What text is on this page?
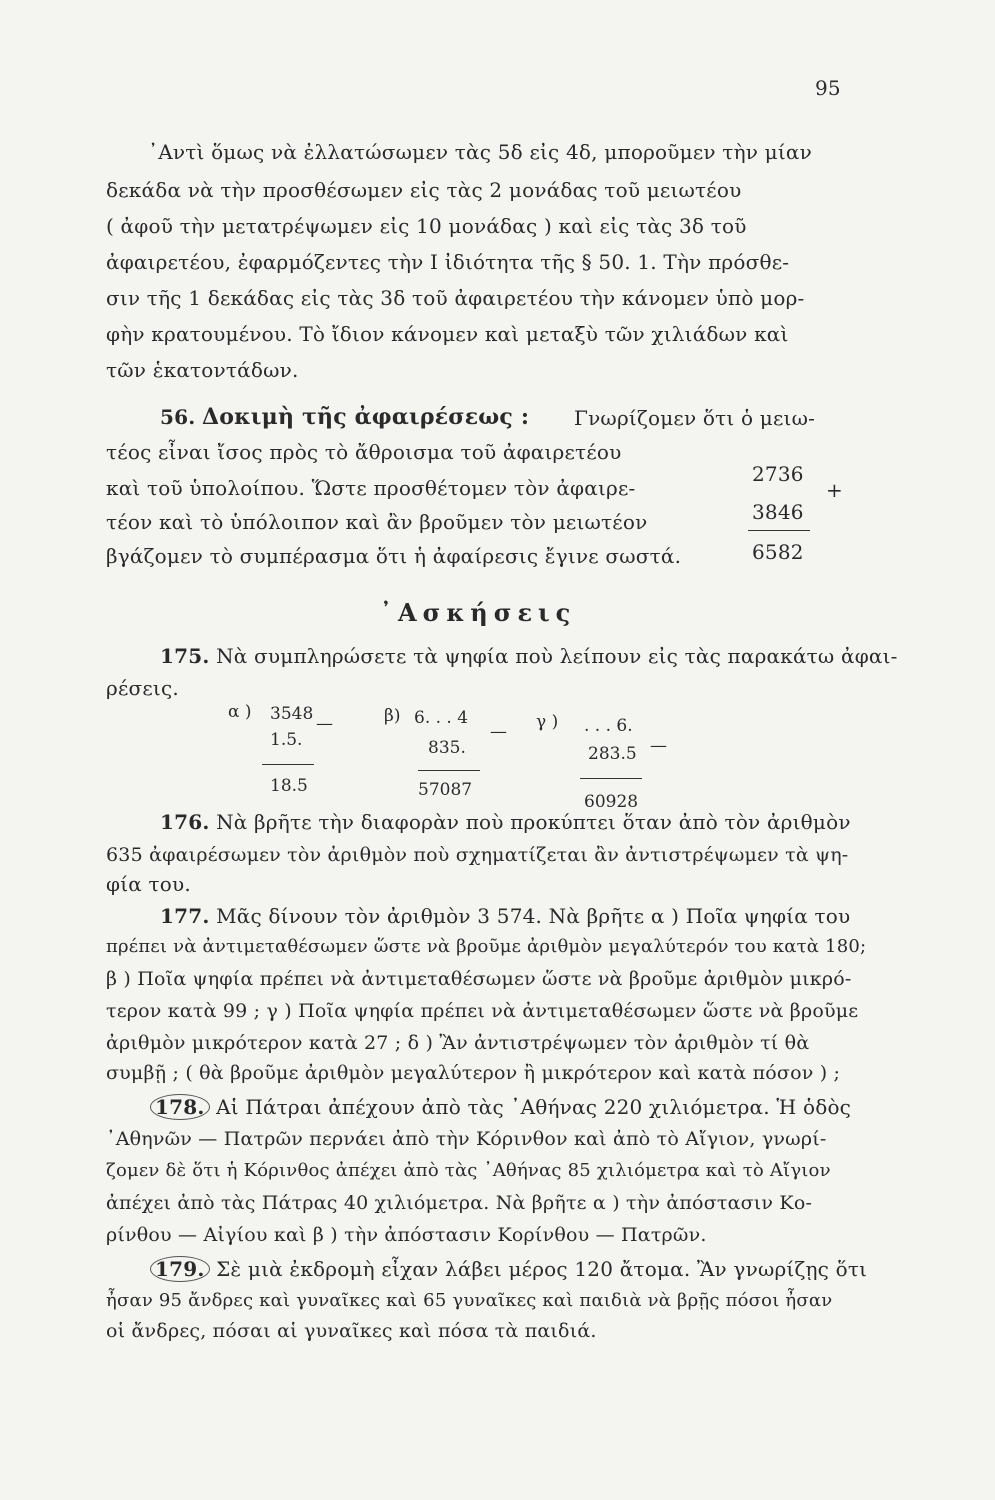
95
᾿Αντὶ ὅμως νὰ ἐλλατώσωμεν τὰς 5δ εἰς 4δ, μποροῦμεν τὴν μίαν
δεκάδα νὰ τὴν προσθέσωμεν εἰς τὰς 2 μονάδας τοῦ μειωτέου
( ἀφοῦ τὴν μετατρέψωμεν εἰς 10 μονάδας ) καὶ εἰς τὰς 3δ τοῦ
ἀφαιρετέου, ἐφαρμόζεντες τὴν Ι ἰδιότητα τῆς § 50. 1. Τὴν πρόσθε-
σιν τῆς 1 δεκάδας εἰς τὰς 3δ τοῦ ἀφαιρετέου τὴν κάνομεν ὑπὸ μορ-
φὴν κρατουμένου. Τὸ ἴδιον κάνομεν καὶ μεταξὺ τῶν χιλιάδων καὶ
τῶν ἑκατοντάδων.
56. Δοκιμὴ τῆς ἀφαιρέσεως : Γνωρίζομεν ὅτι ὁ μειω-
τέος εἶναι ἴσος πρὸς τὸ ἄθροισμα τοῦ ἀφαιρετέου
καὶ τοῦ ὑπολοίπου. Ὥστε προσθέτομεν τὸν ἀφαιρε-
τέον καὶ τὸ ὑπόλοιπον καὶ ἂν βροῦμεν τὸν μειωτέον
βγάζομεν τὸ συμπέρασμα ὅτι ἡ ἀφαίρεσις ἔγινε σωστά.
2736
3846
+
6582
᾿Ασκήσεις
175. Νὰ συμπληρώσετε τὰ ψηφία ποὺ λείπουν εἰς τὰς παρακάτω ἀφαι-
ρέσεις.
α ) 3548
1.5.
—
18.5
β) 6. . . 4
835.
—
57087
γ ) . . . 6.
283.5 —
60928
176. Νὰ βρῆτε τὴν διαφορὰν ποὺ προκύπτει ὅταν ἀπὸ τὸν ἀριθμὸν
635 ἀφαιρέσωμεν τὸν ἀριθμὸν ποὺ σχηματίζεται ἂν ἀντιστρέψωμεν τὰ ψη-
φία του.
177. Μᾶς δίνουν τὸν ἀριθμὸν 3 574. Νὰ βρῆτε α ) Ποῖα ψηφία του
πρέπει νὰ ἀντιμεταθέσωμεν ὥστε νὰ βροῦμε ἀριθμὸν μεγαλύτερόν του κατὰ 180;
β ) Ποῖα ψηφία πρέπει νὰ ἀντιμεταθέσωμεν ὥστε νὰ βροῦμε ἀριθμὸν μικρό-
τερον κατὰ 99 ; γ ) Ποῖα ψηφία πρέπει νὰ ἀντιμεταθέσωμεν ὥστε νὰ βροῦμε
ἀριθμὸν μικρότερον κατὰ 27 ; δ ) Ἂν ἀντιστρέψωμεν τὸν ἀριθμὸν τί θὰ
συμβῇ ; ( θὰ βροῦμε ἀριθμὸν μεγαλύτερον ἢ μικρότερον καὶ κατὰ πόσον ) ;
178. Αἱ Πάτραι ἀπέχουν ἀπὸ τὰς ᾿Αθήνας 220 χιλιόμετρα. Ἡ ὁδὸς
᾿Αθηνῶν — Πατρῶν περνάει ἀπὸ τὴν Κόρινθον καὶ ἀπὸ τὸ Αἴγιον, γνωρί-
ζομεν δὲ ὅτι ἡ Κόρινθος ἀπέχει ἀπὸ τὰς ᾿Αθήνας 85 χιλιόμετρα καὶ τὸ Αἴγιον
ἀπέχει ἀπὸ τὰς Πάτρας 40 χιλιόμετρα. Νὰ βρῆτε α ) τὴν ἀπόστασιν Κο-
ρίνθου — Αἰγίου καὶ β ) τὴν ἀπόστασιν Κορίνθου — Πατρῶν.
179. Σὲ μιὰ ἐκδρομὴ εἶχαν λάβει μέρος 120 ἄτομα. Ἂν γνωρίζῃς ὅτι
ἦσαν 95 ἄνδρες καὶ γυναῖκες καὶ 65 γυναῖκες καὶ παιδιὰ νὰ βρῇς πόσοι ἦσαν
οἱ ἄνδρες, πόσαι αἱ γυναῖκες καὶ πόσα τὰ παιδιά.
